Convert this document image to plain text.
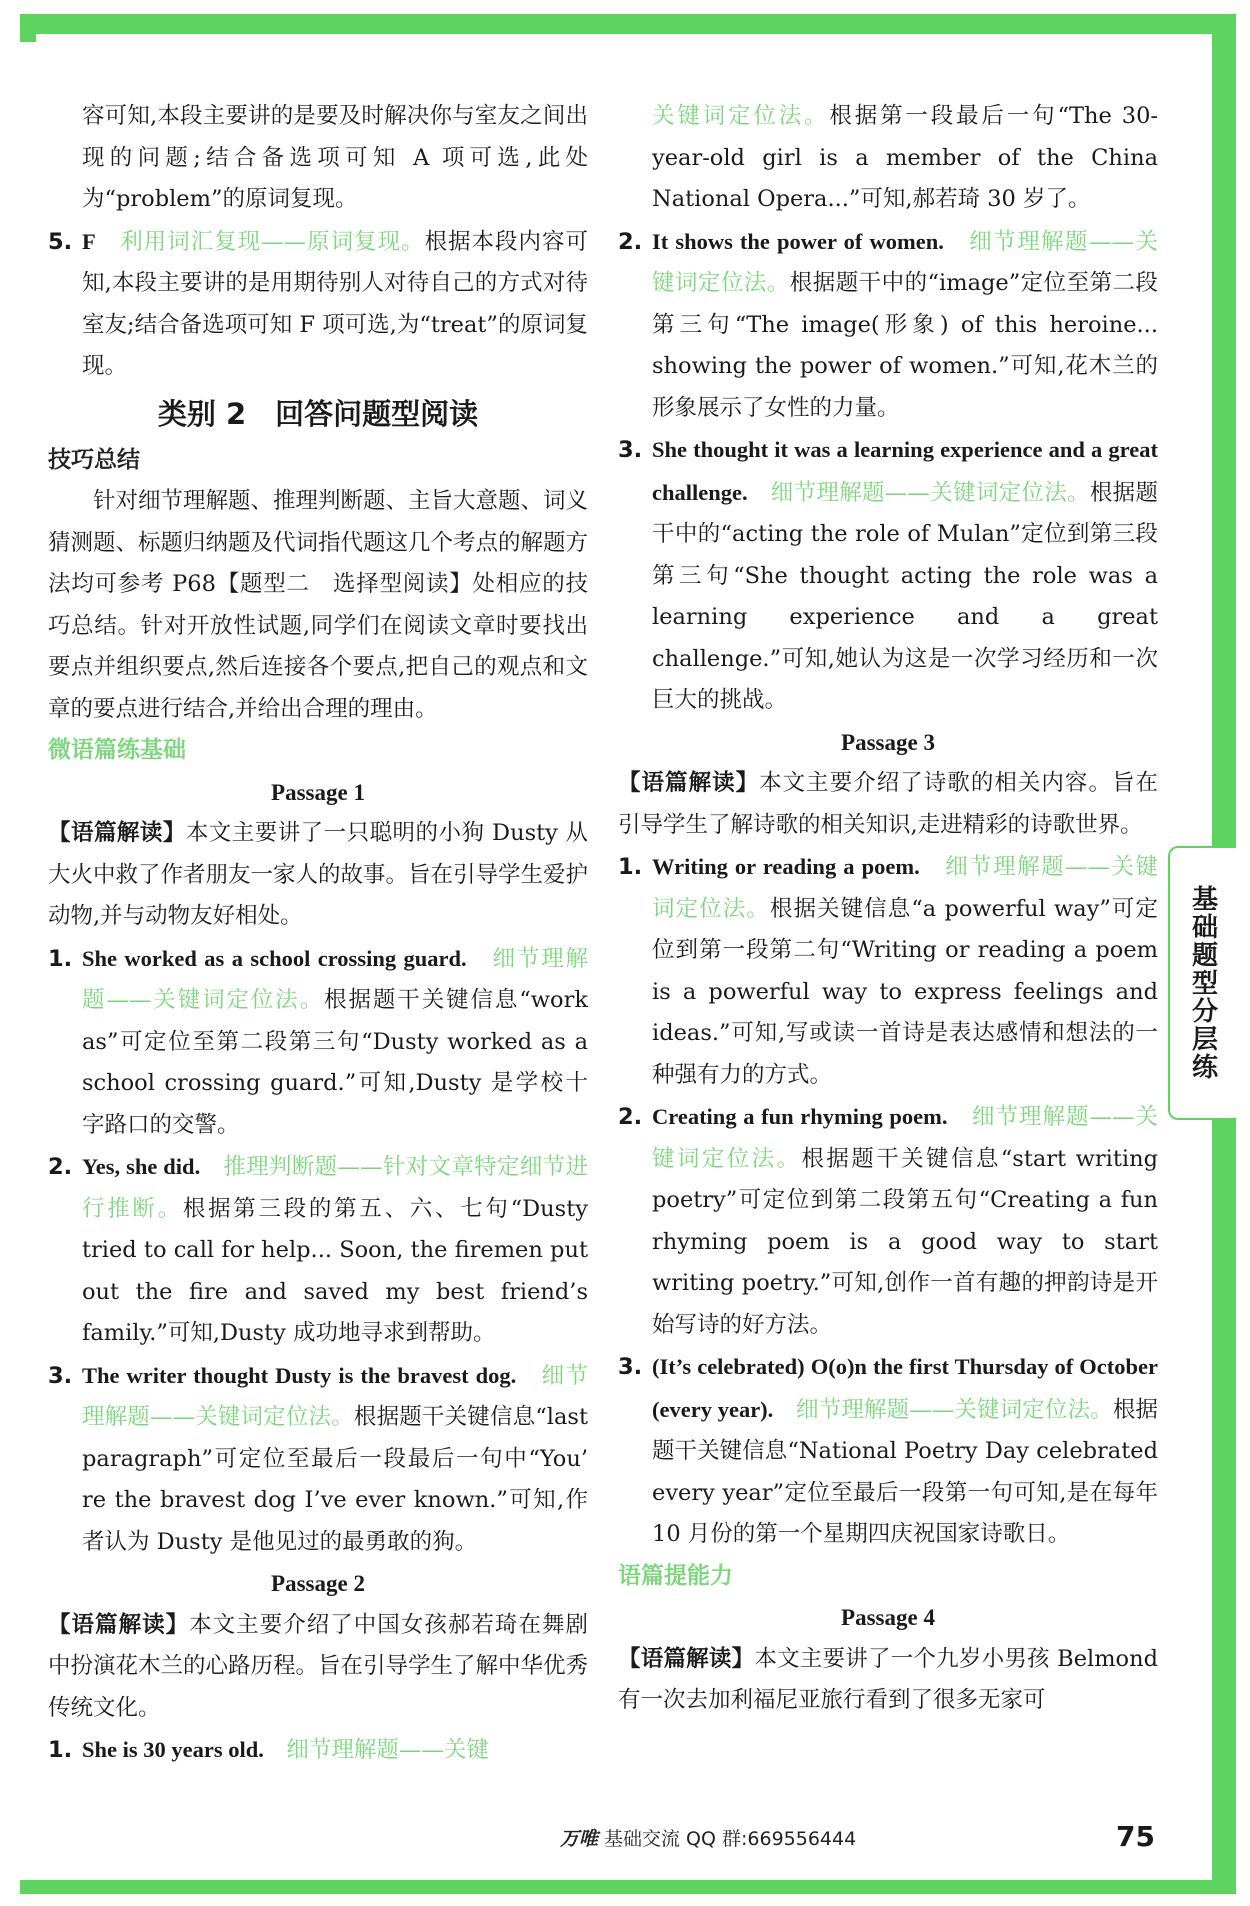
基础题型分层练

容可知,本段主要讲的是要及时解决你与室友之间出现的问题;结合备选项可知 A 项可选,此处为“problem”的原词复现。

5. F　 利用词汇复现——原词复现。根据本段内容可知,本段主要讲的是用期待别人对待自己的方式对待室友;结合备选项可知 F 项可选,为“treat”的原词复现。

类别 2　回答问题型阅读
技巧总结

针对细节理解题、推理判断题、主旨大意题、词义猜测题、标题归纳题及代词指代题这几个考点的解题方法均可参考 P68【题型二　选择型阅读】处相应的技巧总结。针对开放性试题,同学们在阅读文章时要找出要点并组织要点,然后连接各个要点,把自己的观点和文章的要点进行结合,并给出合理的理由。

微语篇练基础
Passage 1

【语篇解读】本文主要讲了一只聪明的小狗 Dusty 从大火中救了作者朋友一家人的故事。旨在引导学生爱护动物,并与动物友好相处。

1. She worked as a school crossing guard.　 细节理解题——关键词定位法。根据题干关键信息“work as”可定位至第二段第三句“Dusty worked as a school crossing guard.”可知,Dusty 是学校十字路口的交警。

2. Yes, she did.　 推理判断题——针对文章特定细节进行推断。根据第三段的第五、六、七句“Dusty tried to call for help... Soon, the firemen put out the fire and saved my best friend’s family.”可知,Dusty 成功地寻求到帮助。

3. The writer thought Dusty is the bravest dog.　 细节理解题——关键词定位法。根据题干关键信息“last paragraph”可定位至最后一段最后一句中“You’ re the bravest dog I’ve ever known.”可知,作者认为 Dusty 是他见过的最勇敢的狗。

Passage 2

【语篇解读】本文主要介绍了中国女孩郝若琦在舞剧中扮演花木兰的心路历程。旨在引导学生了解中华优秀传统文化。

1. She is 30 years old.　 细节理解题——关键

关键词定位法。根据第一段最后一句“The 30-year-old girl is a member of the China National Opera...”可知,郝若琦 30 岁了。

2. It shows the power of women.　 细节理解题——关键词定位法。根据题干中的“image”定位至第二段第三句“The image(形象) of this heroine... showing the power of women.”可知,花木兰的形象展示了女性的力量。

3. She thought it was a learning experience and a great challenge.　 细节理解题——关键词定位法。根据题干中的“acting the role of Mulan”定位到第三段第三句“She thought acting the role was a learning experience and a great challenge.”可知,她认为这是一次学习经历和一次巨大的挑战。

Passage 3

【语篇解读】本文主要介绍了诗歌的相关内容。旨在引导学生了解诗歌的相关知识,走进精彩的诗歌世界。

1. Writing or reading a poem.　 细节理解题——关键词定位法。根据关键信息“a powerful way”可定位到第一段第二句“Writing or reading a poem is a powerful way to express feelings and ideas.”可知,写或读一首诗是表达感情和想法的一种强有力的方式。

2. Creating a fun rhyming poem.　 细节理解题——关键词定位法。根据题干关键信息“start writing poetry”可定位到第二段第五句“Creating a fun rhyming poem is a good way to start writing poetry.”可知,创作一首有趣的押韵诗是开始写诗的好方法。

3. (It’s celebrated) O(o)n the first Thursday of October (every year).　 细节理解题——关键词定位法。根据题干关键信息“National Poetry Day celebrated every year”定位至最后一段第一句可知,是在每年 10 月份的第一个星期四庆祝国家诗歌日。

语篇提能力
Passage 4

【语篇解读】本文主要讲了一个九岁小男孩 Belmond 有一次去加利福尼亚旅行看到了很多无家可

万唯 基础交流 QQ 群:669556444	75
